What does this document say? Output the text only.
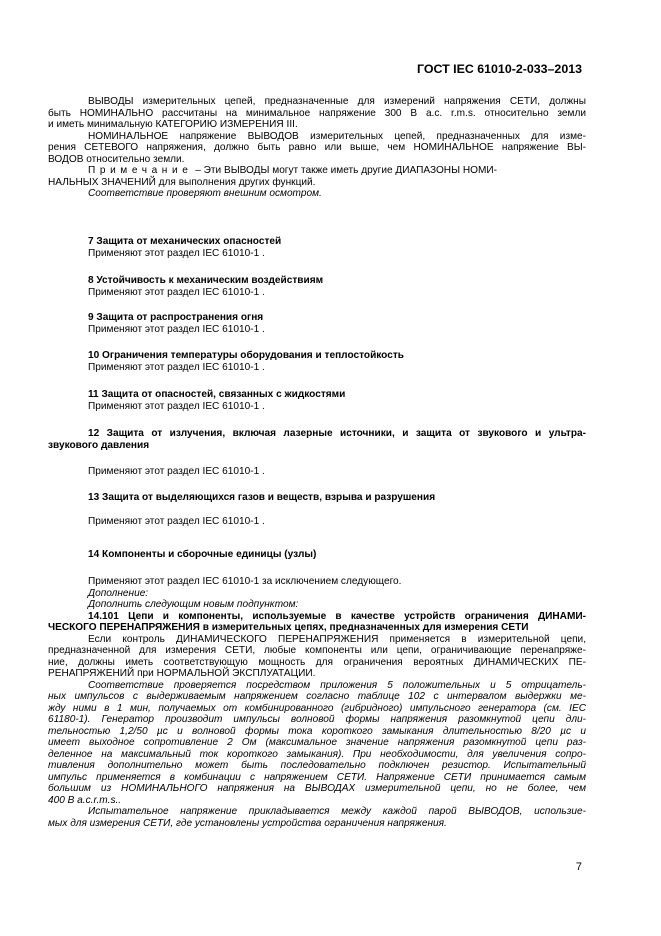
ГОСТ IEC 61010-2-033–2013
ВЫВОДЫ измерительных цепей, предназначенные для измерений напряжения СЕТИ, должны
быть НОМИНАЛЬНО рассчитаны на минимальное напряжение 300 В a.c. r.m.s. относительно земли
и иметь минимальную КАТЕГОРИЮ ИЗМЕРЕНИЯ III.
НОМИНАЛЬНОЕ напряжение ВЫВОДОВ измерительных цепей, предназначенных для изме-
рения СЕТЕВОГО напряжения, должно быть равно или выше, чем НОМИНАЛЬНОЕ напряжение ВЫ-
ВОДОВ относительно земли.
Примечание – Эти ВЫВОДЫ могут также иметь другие ДИАПАЗОНЫ НОМИ-
НАЛЬНЫХ ЗНАЧЕНИЙ для выполнения других функций.
Соответствие проверяют внешним осмотром.
7 Защита от механических опасностей
Применяют этот раздел IEC 61010-1 .
8 Устойчивость к механическим воздействиям
Применяют этот раздел IEC 61010-1 .
9 Защита от распространения огня
Применяют этот раздел IEC 61010-1 .
10 Ограничения температуры оборудования и теплостойкость
Применяют этот раздел IEC 61010-1 .
11 Защита от опасностей, связанных с жидкостями
Применяют этот раздел IEC 61010-1 .
12 Защита от излучения, включая лазерные источники, и защита от звукового и ультра-
звукового давления
Применяют этот раздел IEC 61010-1 .
13 Защита от выделяющихся газов и веществ, взрыва и разрушения
Применяют этот раздел IEC 61010-1 .
14 Компоненты и сборочные единицы (узлы)
Применяют этот раздел IEC 61010-1 за исключением следующего.
Дополнение:
Дополнить следующим новым подпунктом:
14.101 Цепи и компоненты, используемые в качестве устройств ограничения ДИНАМИ-
ЧЕСКОГО ПЕРЕНАПРЯЖЕНИЯ в измерительных цепях, предназначенных для измерения СЕТИ
Если контроль ДИНАМИЧЕСКОГО ПЕРЕНАПРЯЖЕНИЯ применяется в измерительной цепи,
предназначенной для измерения СЕТИ, любые компоненты или цепи, ограничивающие перенапряже-
ние, должны иметь соответствующую мощность для ограничения вероятных ДИНАМИЧЕСКИХ ПЕ-
РЕНАПРЯЖЕНИЙ при НОРМАЛЬНОЙ ЭКСПЛУАТАЦИИ.
Соответствие проверяется посредством приложения 5 положительных и 5 отрицатель-
ных импульсов с выдерживаемым напряжением согласно таблице 102 с интервалом выдержки ме-
жду ними в 1 мин, получаемых от комбинированного (гибридного) импульсного генератора (см. IEC
61180-1). Генератор производит импульсы волновой формы напряжения разомкнутой цепи дли-
тельностью 1,2/50 µс и волновой формы тока короткого замыкания длительностью 8/20 µс и
имеет выходное сопротивление 2 Ом (максимальное значение напряжения разомкнутой цепи раз-
деленное на максимальный ток короткого замыкания). При необходимости, для увеличения сопро-
тивления дополнительно может быть последовательно подключен резистор. Испытательный
импульс применяется в комбинации с напряжением СЕТИ. Напряжение СЕТИ принимается самым
большим из НОМИНАЛЬНОГО напряжения на ВЫВОДАХ измерительной цепи, но не более, чем
400 В a.c.r.m.s..
Испытательное напряжение прикладывается между каждой парой ВЫВОДОВ, использue-
мых для измерения СЕТИ, где установлены устройства ограничения напряжения.
7
